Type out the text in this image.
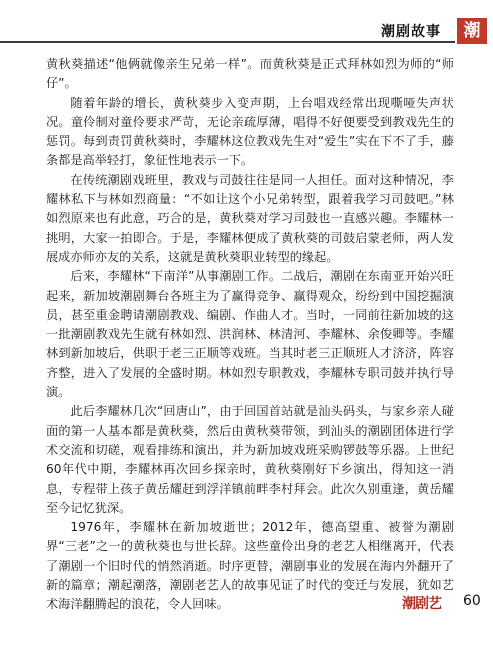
潮剧故事	潮

黄秋葵描述“他俩就像亲生兄弟一样”。而黄秋葵是正式拜林如烈为师的“师仔”。

随着年龄的增长，黄秋葵步入变声期，上台唱戏经常出现嘶哑失声状况。童伶制对童伶要求严苛，无论亲疏厚薄，唱得不好便要受到教戏先生的惩罚。每到责罚黄秋葵时，李耀林这位教戏先生对“爱生”实在下不了手，藤条都是高举轻打，象征性地表示一下。

在传统潮剧戏班里，教戏与司鼓往往是同一人担任。面对这种情况，李耀林私下与林如烈商量：“不如让这个小兄弟转型，跟着我学习司鼓吧。”林如烈原来也有此意，巧合的是，黄秋葵对学习司鼓也一直感兴趣。李耀林一挑明，大家一拍即合。于是，李耀林便成了黄秋葵的司鼓启蒙老师，两人发展成亦师亦友的关系，这就是黄秋葵职业转型的缘起。

后来，李耀林“下南洋”从事潮剧工作。二战后，潮剧在东南亚开始兴旺起来，新加坡潮剧舞台各班主为了赢得竞争、赢得观众，纷纷到中国挖掘演员，甚至重金聘请潮剧教戏、编剧、作曲人才。当时，一同前往新加坡的这一批潮剧教戏先生就有林如烈、洪润林、林清河、李耀林、余俊卿等。李耀林到新加坡后，供职于老三正顺等戏班。当其时老三正顺班人才济济，阵容齐整，进入了发展的全盛时期。林如烈专职教戏，李耀林专职司鼓并执行导演。

此后李耀林几次“回唐山”，由于回国首站就是汕头码头，与家乡亲人碰面的第一人基本都是黄秋葵，然后由黄秋葵带领，到汕头的潮剧团体进行学术交流和切磋，观看排练和演出，并为新加坡戏班采购锣鼓等乐器。上世纪60年代中期，李耀林再次回乡探亲时，黄秋葵刚好下乡演出，得知这一消息，专程带上孩子黄岳耀赶到浮洋镇前畔李村拜会。此次久别重逢，黄岳耀至今记忆犹深。

1976年，李耀林在新加坡逝世；2012年，德高望重、被誉为潮剧界“三老”之一的黄秋葵也与世长辞。这些童伶出身的老艺人相继离开，代表了潮剧一个旧时代的悄然消逝。时序更替，潮剧事业的发展在海内外翻开了新的篇章；潮起潮落，潮剧老艺人的故事见证了时代的变迁与发展，犹如艺术海洋翻腾起的浪花，令人回味。	潮剧艺 60
